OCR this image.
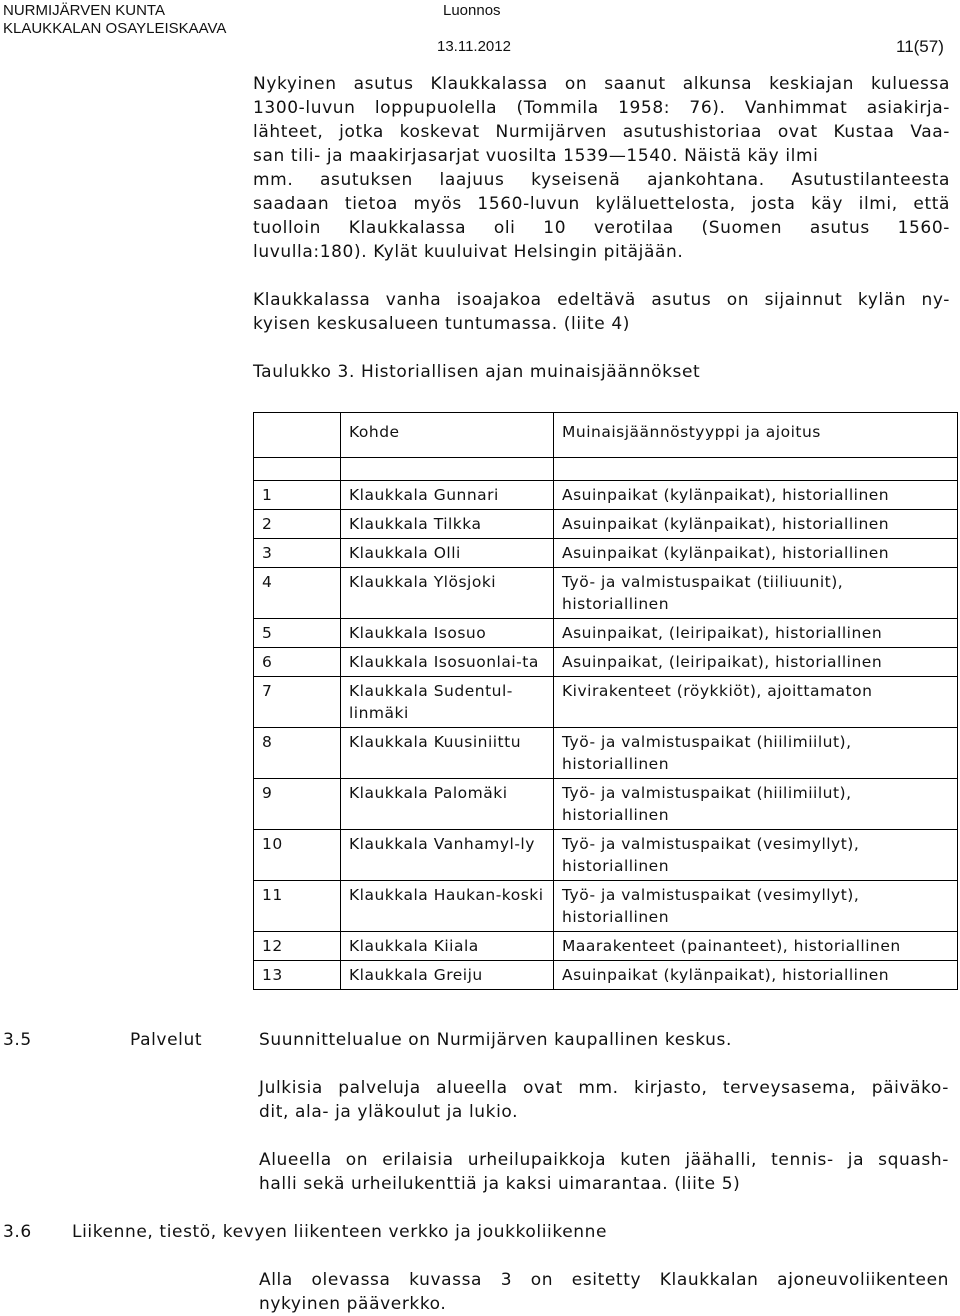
NURMIJÄRVEN KUNTA
KLAUKKALAN OSAYLEISKAAVA
Luonnos
13.11.2012	11(57)
Nykyinen asutus Klaukkalassa on saanut alkunsa keskiajan kuluessa
1300-luvun loppupuolella (Tommila 1958: 76). Vanhimmat asiakirja-
lähteet, jotka koskevat Nurmijärven asutushistoriaa ovat Kustaa Vaa-
san tili- ja maakirjasarjat vuosilta 1539—1540. Näistä käy ilmi
mm. asutuksen laajuus kyseisenä ajankohtana. Asutustilanteesta
saadaan tietoa myös 1560-luvun kyläluettelosta, josta käy ilmi, että
tuolloin Klaukkalassa oli 10 verotilaa (Suomen asutus 1560-
luvulla:180). Kylät kuuluivat Helsingin pitäjään.
Klaukkalassa vanha isoajakoa edeltävä asutus on sijainnut kylän ny-
kyisen keskusalueen tuntumassa. (liite 4)
Taulukko 3. Historiallisen ajan muinaisjäännökset
	Kohde	Muinaisjäännöstyyppi ja ajoitus

1	Klaukkala Gunnari	Asuinpaikat (kylänpaikat), historiallinen
2	Klaukkala Tilkka	Asuinpaikat (kylänpaikat), historiallinen
3	Klaukkala Olli	Asuinpaikat (kylänpaikat), historiallinen
4	Klaukkala Ylösjoki	Työ- ja valmistuspaikat (tiiliuunit), historiallinen
5	Klaukkala Isosuo	Asuinpaikat, (leiripaikat), historiallinen
6	Klaukkala Isosuonlai-ta	Asuinpaikat, (leiripaikat), historiallinen
7	Klaukkala Sudentul-linmäki	Kivirakenteet (röykkiöt), ajoittamaton
8	Klaukkala Kuusiniittu	Työ- ja valmistuspaikat (hiilimiilut), historiallinen
9	Klaukkala Palomäki	Työ- ja valmistuspaikat (hiilimiilut), historiallinen
10	Klaukkala Vanhamyl-ly	Työ- ja valmistuspaikat (vesimyllyt), historiallinen
11	Klaukkala Haukan-koski	Työ- ja valmistuspaikat (vesimyllyt), historiallinen
12	Klaukkala Kiiala	Maarakenteet (painanteet), historiallinen
13	Klaukkala Greiju	Asuinpaikat (kylänpaikat), historiallinen
3.5	Palvelut	Suunnittelualue on Nurmijärven kaupallinen keskus.
Julkisia palveluja alueella ovat mm. kirjasto, terveysasema, päiväko-
dit, ala- ja yläkoulut ja lukio.
Alueella on erilaisia urheilupaikkoja kuten jäähalli, tennis- ja squash-
halli sekä urheilukenttiä ja kaksi uimarantaa. (liite 5)
3.6 Liikenne, tiestö, kevyen liikenteen verkko ja joukkoliikenne
Alla olevassa kuvassa 3 on esitetty Klaukkalan ajoneuvoliikenteen
nykyinen pääverkko.
